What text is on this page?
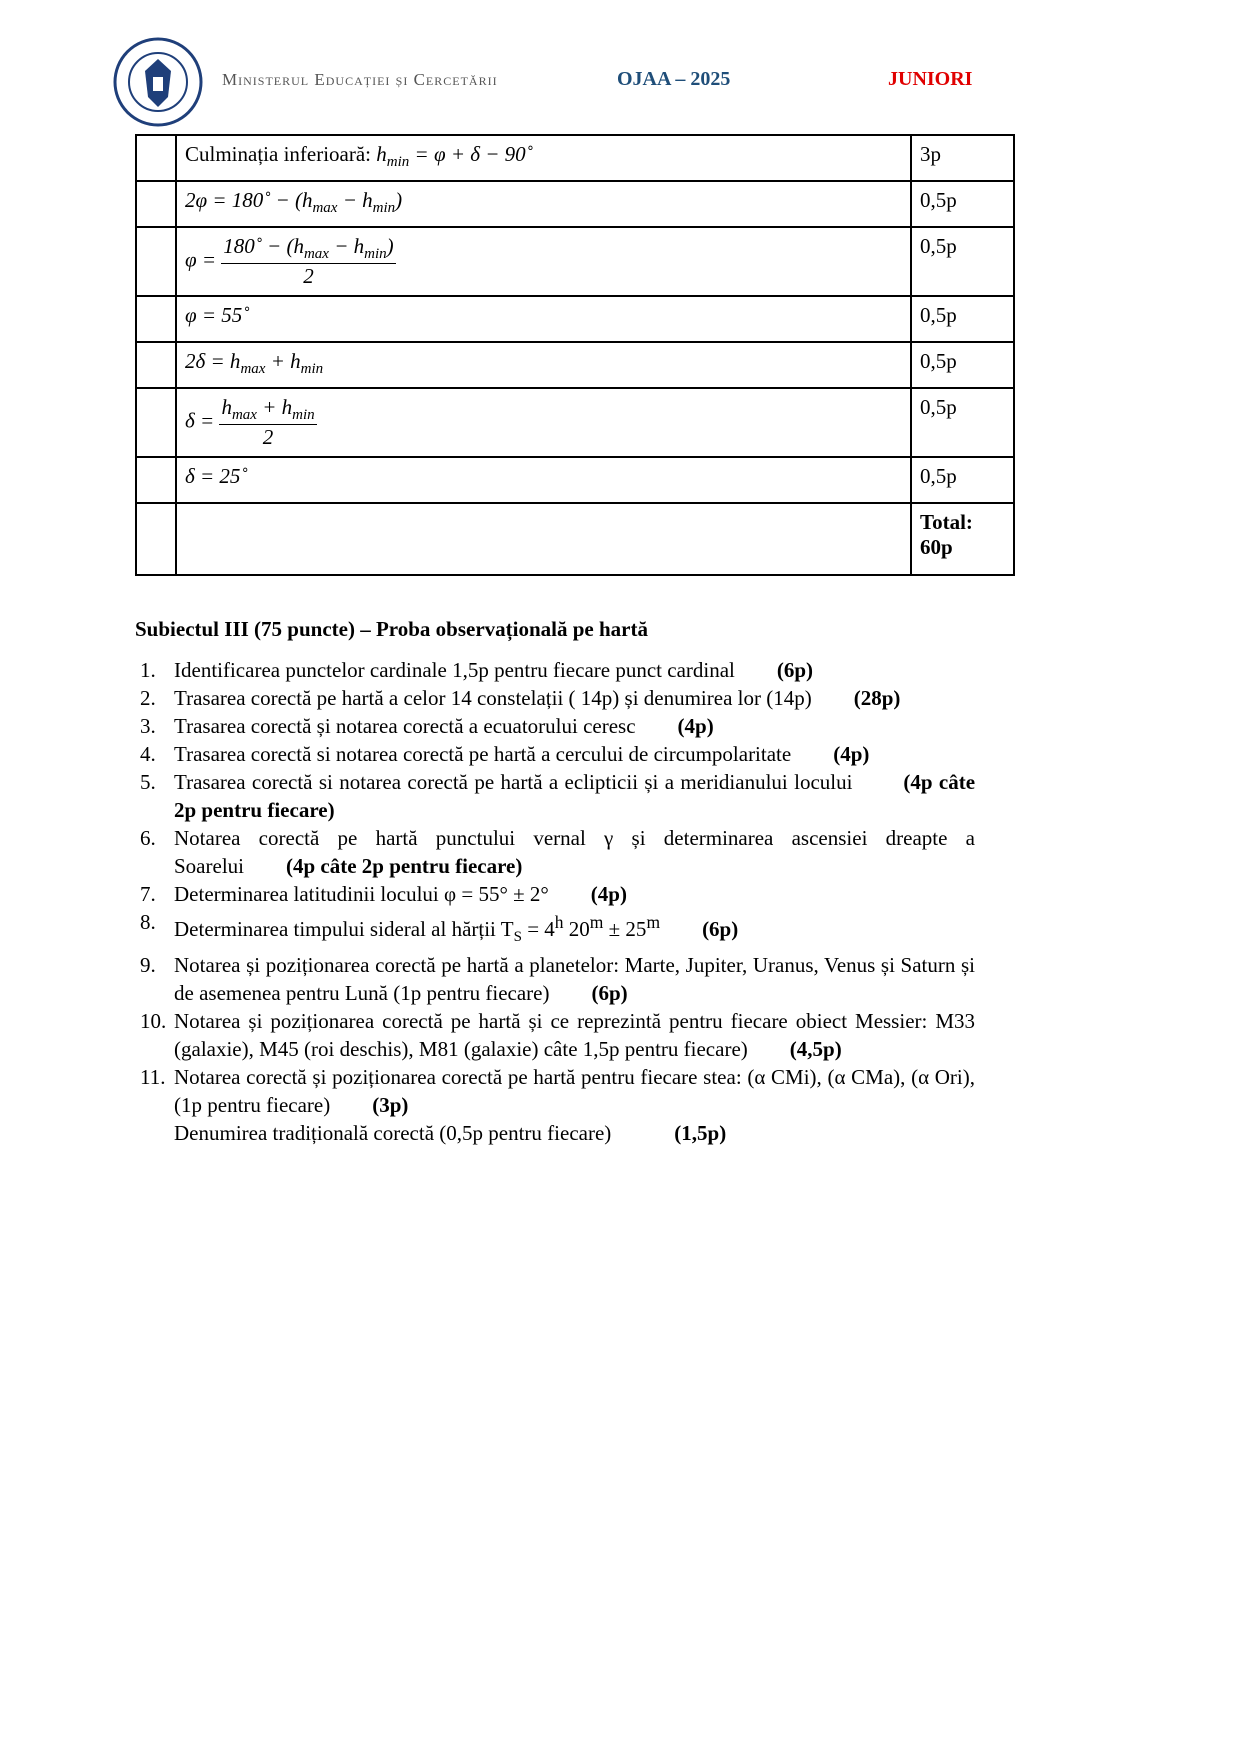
Ministerul Educației și Cercetării	OJAA – 2025	JUNIORI
	Culminația inferioară: $h_{min} = \varphi + \delta$ − 90˚	3p
	2φ = 180˚ − $(h_{max} - h_{min})$	0,5p
	$\varphi = \frac{180˚ - (h_{max} - h_{min})}{2}$	0,5p
	φ = 55˚	0,5p
	$2\delta = h_{max} + h_{min}$	0,5p
	$\delta = \frac{h_{max} + h_{min}}{2}$	0,5p
	δ = 25˚	0,5p
		Total: 60p
Subiectul III (75 puncte) – Proba observațională pe hartă
1. Identificarea punctelor cardinale 1,5p pentru fiecare punct cardinal (6p)
2. Trasarea corectă pe hartă a celor 14 constelații ( 14p) și denumirea lor (14p) (28p)
3. Trasarea corectă și notarea corectă a ecuatorului ceresc (4p)
4. Trasarea corectă si notarea corectă pe hartă a cercului de circumpolaritate (4p)
5. Trasarea corectă si notarea corectă pe hartă a eclipticii și a meridianului locului (4p câte 2p pentru fiecare)
6. Notarea corectă pe hartă punctului vernal γ și determinarea ascensiei dreapte a Soarelui (4p câte 2p pentru fiecare)
7. Determinarea latitudinii locului φ = 55° ± 2° (4p)
8. Determinarea timpului sideral al hărții $T_S = 4^h$ $20^m \pm 25^m$ (6p)
9. Notarea și poziționarea corectă pe hartă a planetelor: Marte, Jupiter, Uranus, Venus și Saturn și de asemenea pentru Lună (1p pentru fiecare) (6p)
10. Notarea și poziționarea corectă pe hartă și ce reprezintă pentru fiecare obiect Messier: M33 (galaxie), M45 (roi deschis), M81 (galaxie) câte 1,5p pentru fiecare) (4,5p)
11. Notarea corectă și poziționarea corectă pe hartă pentru fiecare stea: (α CMi), (α CMa), (α Ori),(1p pentru fiecare) (3p)
Denumirea tradițională corectă (0,5p pentru fiecare)	(1,5p)
